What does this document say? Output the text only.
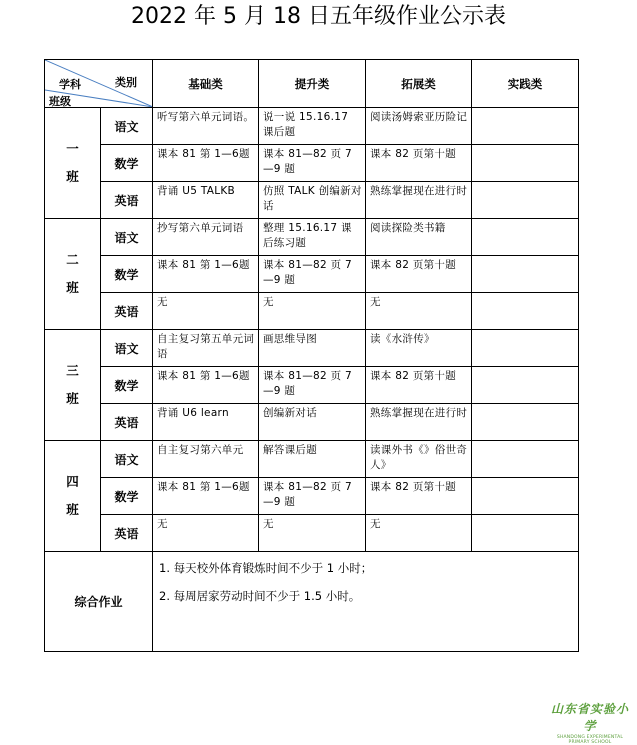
2022 年 5 月 18 日五年级作业公示表
类别
学科
班级		基础类	提升类	拓展类	实践类

一
班	语文	听写第六单元词语。	说一说 15.16.17 课后题	阅读汤姆索亚历险记	
	数学	课本 81 第 1—6题	课本 81—82 页 7—9 题	课本 82 页第十题	
	英语	背诵 U5 TALKB	仿照 TALK 创编新对话	熟练掌握现在进行时	

二
班	语文	抄写第六单元词语	整理 15.16.17 课后练习题	阅读探险类书籍	
	数学	课本 81 第 1—6题	课本 81—82 页 7—9 题	课本 82 页第十题	
	英语	无	无	无	

三
班	语文	自主复习第五单元词语	画思维导图	读《水浒传》	
	数学	课本 81 第 1—6题	课本 81—82 页 7—9 题	课本 82 页第十题	
	英语	背诵 U6 learn	创编新对话	熟练掌握现在进行时	

四
班	语文	自主复习第六单元	解答课后题	读课外书《》俗世奇人》	
	数学	课本 81 第 1—6题	课本 81—82 页 7—9 题	课本 82 页第十题	
	英语	无	无	无	
综合作业		1. 每天校外体育锻炼时间不少于 1 小时；
2. 每周居家劳动时间不少于 1.5 小时。			
山东省实验小学
SHANDONG EXPERIMENTAL PRIMARY SCHOOL
